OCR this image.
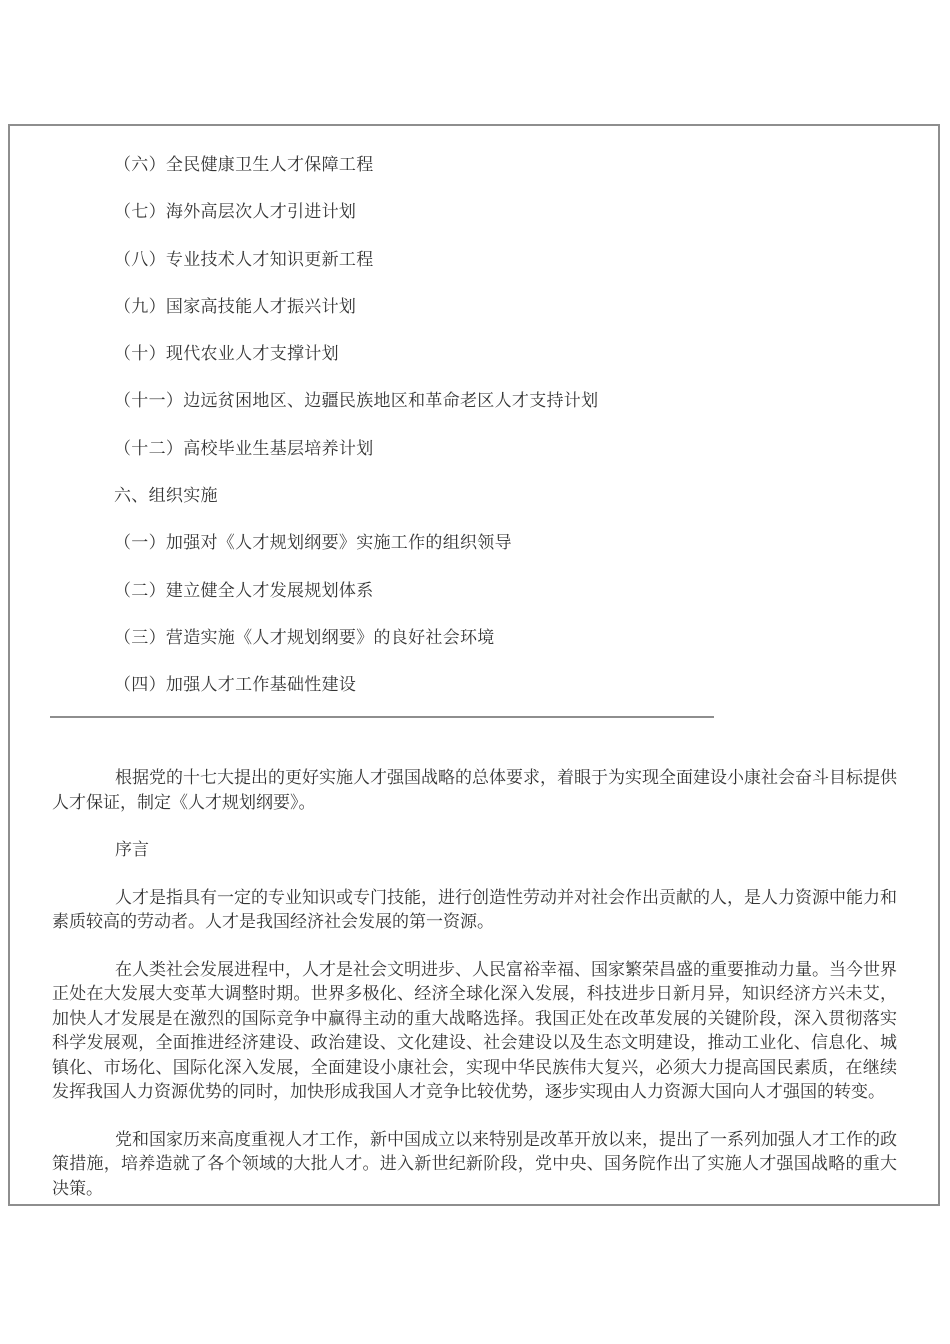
（六）全民健康卫生人才保障工程
（七）海外高层次人才引进计划
（八）专业技术人才知识更新工程
（九）国家高技能人才振兴计划
（十）现代农业人才支撑计划
（十一）边远贫困地区、边疆民族地区和革命老区人才支持计划
（十二）高校毕业生基层培养计划
六、组织实施
（一）加强对《人才规划纲要》实施工作的组织领导
（二）建立健全人才发展规划体系
（三）营造实施《人才规划纲要》的良好社会环境
（四）加强人才工作基础性建设

根据党的十七大提出的更好实施人才强国战略的总体要求，着眼于为实现全面建设小康社会奋斗目标提供人才保证，制定《人才规划纲要》。

序言

人才是指具有一定的专业知识或专门技能，进行创造性劳动并对社会作出贡献的人，是人力资源中能力和素质较高的劳动者。人才是我国经济社会发展的第一资源。

在人类社会发展进程中，人才是社会文明进步、人民富裕幸福、国家繁荣昌盛的重要推动力量。当今世界正处在大发展大变革大调整时期。世界多极化、经济全球化深入发展，科技进步日新月异，知识经济方兴未艾，加快人才发展是在激烈的国际竞争中赢得主动的重大战略选择。我国正处在改革发展的关键阶段，深入贯彻落实科学发展观，全面推进经济建设、政治建设、文化建设、社会建设以及生态文明建设，推动工业化、信息化、城镇化、市场化、国际化深入发展，全面建设小康社会，实现中华民族伟大复兴，必须大力提高国民素质，在继续发挥我国人力资源优势的同时，加快形成我国人才竞争比较优势，逐步实现由人力资源大国向人才强国的转变。

党和国家历来高度重视人才工作，新中国成立以来特别是改革开放以来，提出了一系列加强人才工作的政策措施，培养造就了各个领域的大批人才。进入新世纪新阶段，党中央、国务院作出了实施人才强国战略的重大决策。
